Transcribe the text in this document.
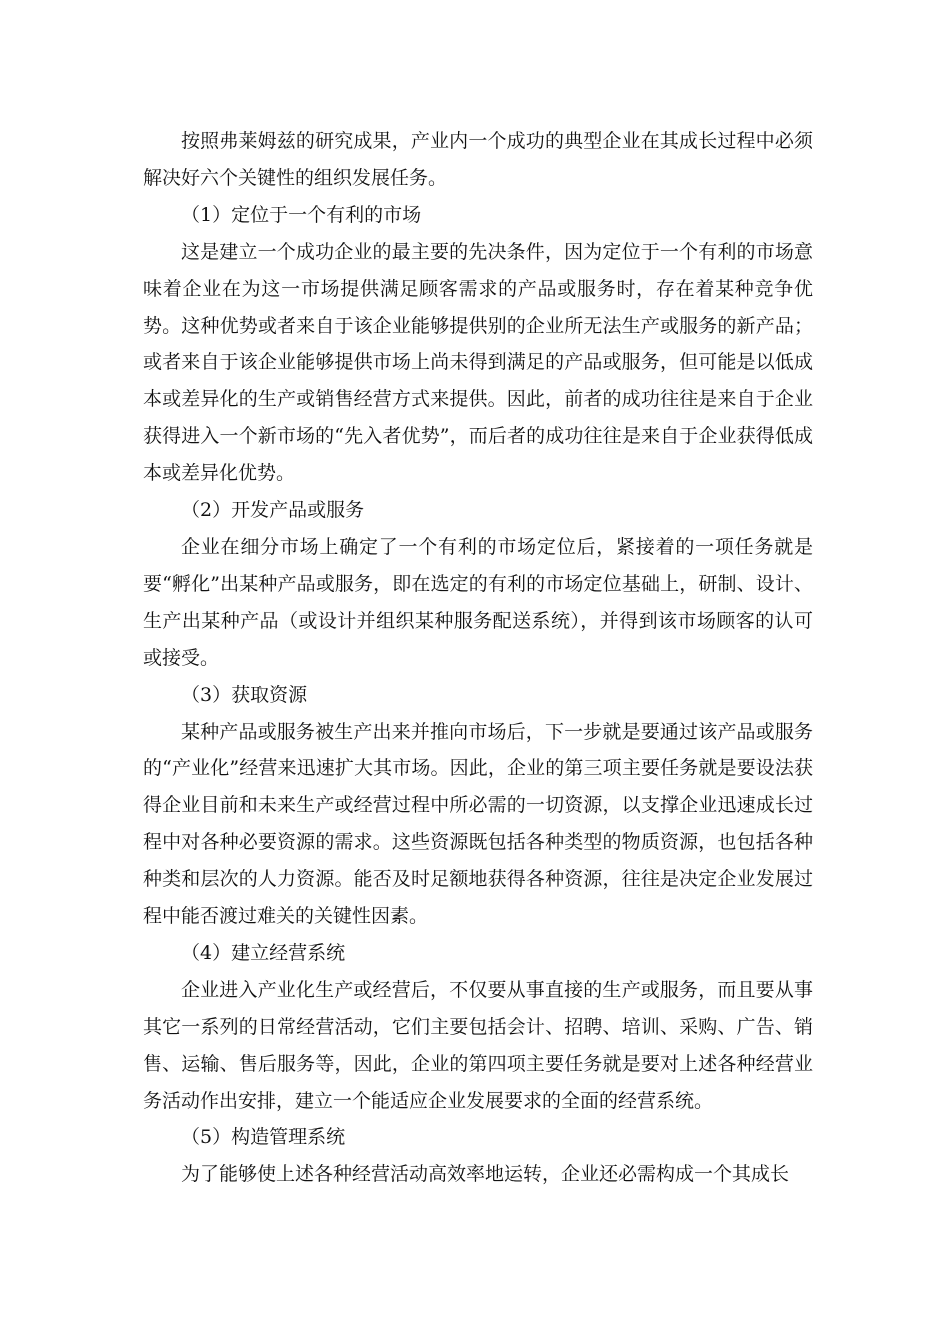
按照弗莱姆兹的研究成果，产业内一个成功的典型企业在其成长过程中必须解决好六个关键性的组织发展任务。

（1）定位于一个有利的市场

这是建立一个成功企业的最主要的先决条件，因为定位于一个有利的市场意味着企业在为这一市场提供满足顾客需求的产品或服务时，存在着某种竞争优势。这种优势或者来自于该企业能够提供别的企业所无法生产或服务的新产品；或者来自于该企业能够提供市场上尚未得到满足的产品或服务，但可能是以低成本或差异化的生产或销售经营方式来提供。因此，前者的成功往往是来自于企业获得进入一个新市场的“先入者优势”，而后者的成功往往是来自于企业获得低成本或差异化优势。

（2）开发产品或服务

企业在细分市场上确定了一个有利的市场定位后，紧接着的一项任务就是要“孵化”出某种产品或服务，即在选定的有利的市场定位基础上，研制、设计、生产出某种产品（或设计并组织某种服务配送系统），并得到该市场顾客的认可或接受。

（3）获取资源

某种产品或服务被生产出来并推向市场后，下一步就是要通过该产品或服务的“产业化”经营来迅速扩大其市场。因此，企业的第三项主要任务就是要设法获得企业目前和未来生产或经营过程中所必需的一切资源，以支撑企业迅速成长过程中对各种必要资源的需求。这些资源既包括各种类型的物质资源，也包括各种种类和层次的人力资源。能否及时足额地获得各种资源，往往是决定企业发展过程中能否渡过难关的关键性因素。

（4）建立经营系统

企业进入产业化生产或经营后，不仅要从事直接的生产或服务，而且要从事其它一系列的日常经营活动，它们主要包括会计、招聘、培训、采购、广告、销售、运输、售后服务等，因此，企业的第四项主要任务就是要对上述各种经营业务活动作出安排，建立一个能适应企业发展要求的全面的经营系统。

（5）构造管理系统

为了能够使上述各种经营活动高效率地运转，企业还必需构成一个其成长
